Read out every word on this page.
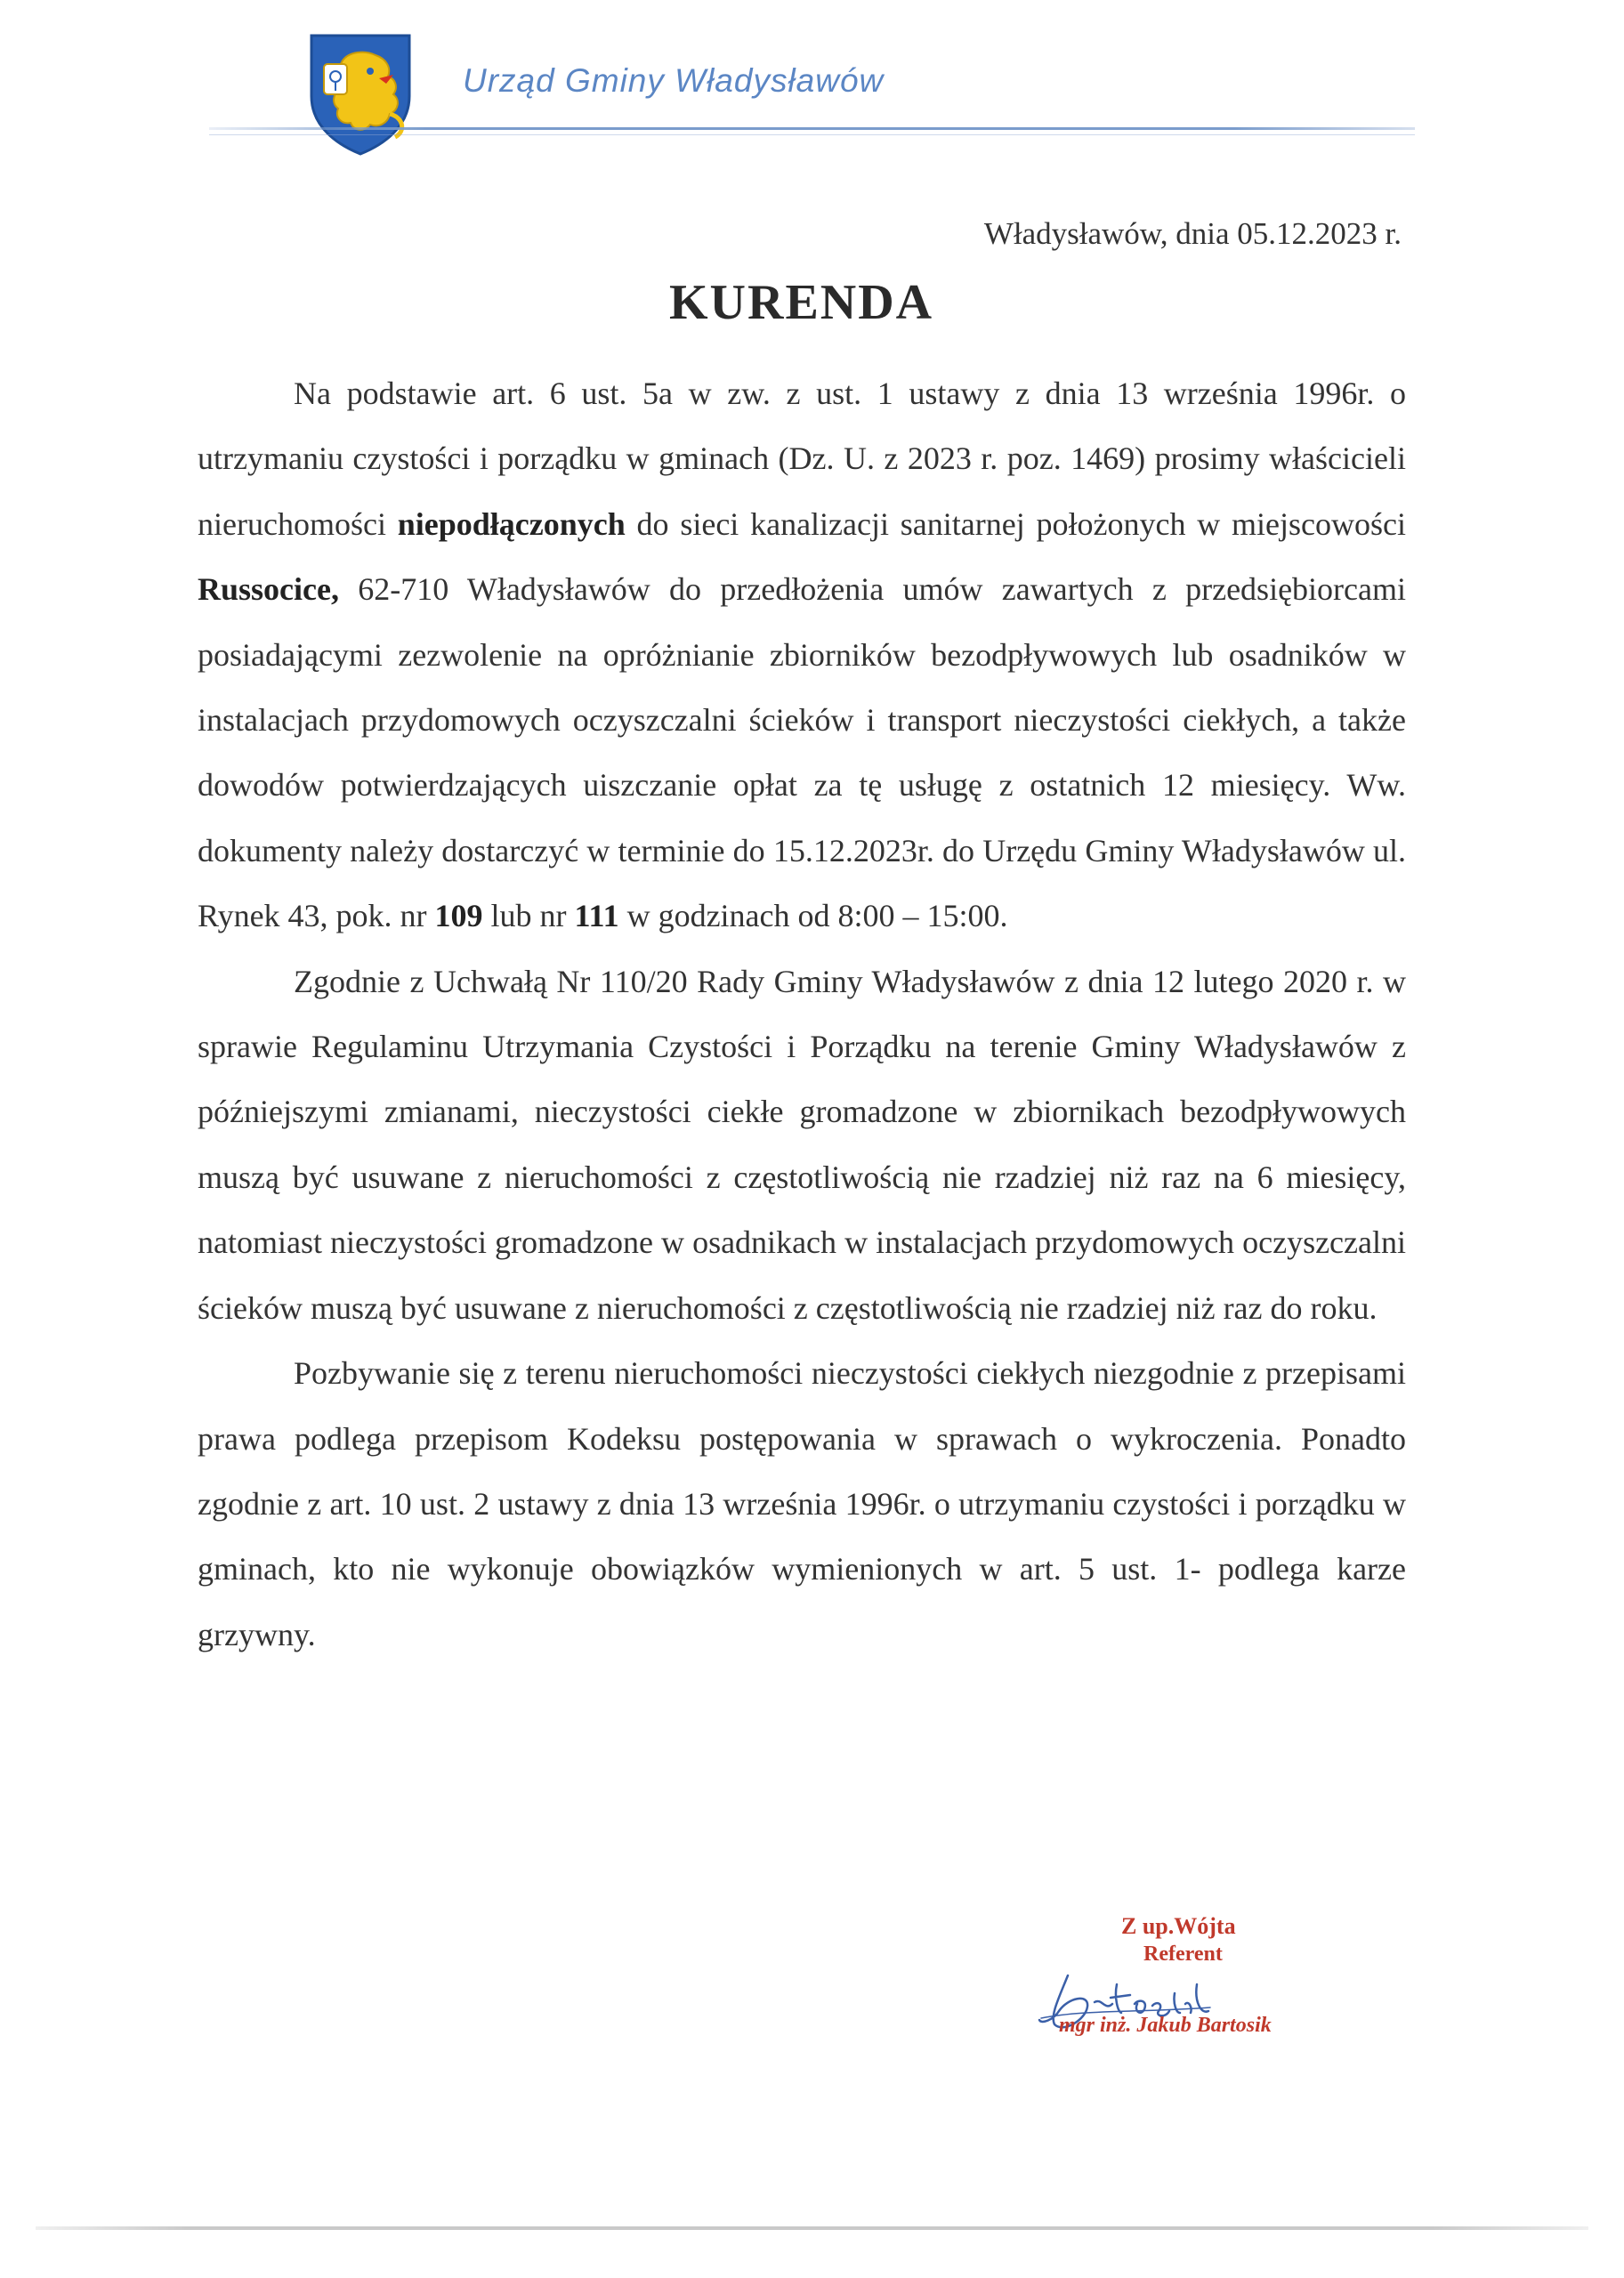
Urząd Gminy Władysławów
Władysławów, dnia 05.12.2023 r.
KURENDA

Na podstawie art. 6 ust. 5a w zw. z ust. 1 ustawy z dnia 13 września 1996r. o utrzymaniu czystości i porządku w gminach (Dz. U. z 2023 r. poz. 1469) prosimy właścicieli nieruchomości niepodłączonych do sieci kanalizacji sanitarnej położonych w miejscowości Russocice, 62-710 Władysławów do przedłożenia umów zawartych z przedsiębiorcami posiadającymi zezwolenie na opróżnianie zbiorników bezodpływowych lub osadników w instalacjach przydomowych oczyszczalni ścieków i transport nieczystości ciekłych, a także dowodów potwierdzających uiszczanie opłat za tę usługę z ostatnich 12 miesięcy. Ww. dokumenty należy dostarczyć w terminie do 15.12.2023r. do Urzędu Gminy Władysławów ul. Rynek 43, pok. nr 109 lub nr 111 w godzinach od 8:00 – 15:00.

Zgodnie z Uchwałą Nr 110/20 Rady Gminy Władysławów z dnia 12 lutego 2020 r. w sprawie Regulaminu Utrzymania Czystości i Porządku na terenie Gminy Władysławów z późniejszymi zmianami, nieczystości ciekłe gromadzone w zbiornikach bezodpływowych muszą być usuwane z nieruchomości z częstotliwością nie rzadziej niż raz na 6 miesięcy, natomiast nieczystości gromadzone w osadnikach w instalacjach przydomowych oczyszczalni ścieków muszą być usuwane z nieruchomości z częstotliwością nie rzadziej niż raz do roku.

Pozbywanie się z terenu nieruchomości nieczystości ciekłych niezgodnie z przepisami prawa podlega przepisom Kodeksu postępowania w sprawach o wykroczenia. Ponadto zgodnie z art. 10 ust. 2 ustawy z dnia 13 września 1996r. o utrzymaniu czystości i porządku w gminach, kto nie wykonuje obowiązków wymienionych w art. 5 ust. 1- podlega karze grzywny.

Z up.Wójta
Referent
mgr inż. Jakub Bartosik
